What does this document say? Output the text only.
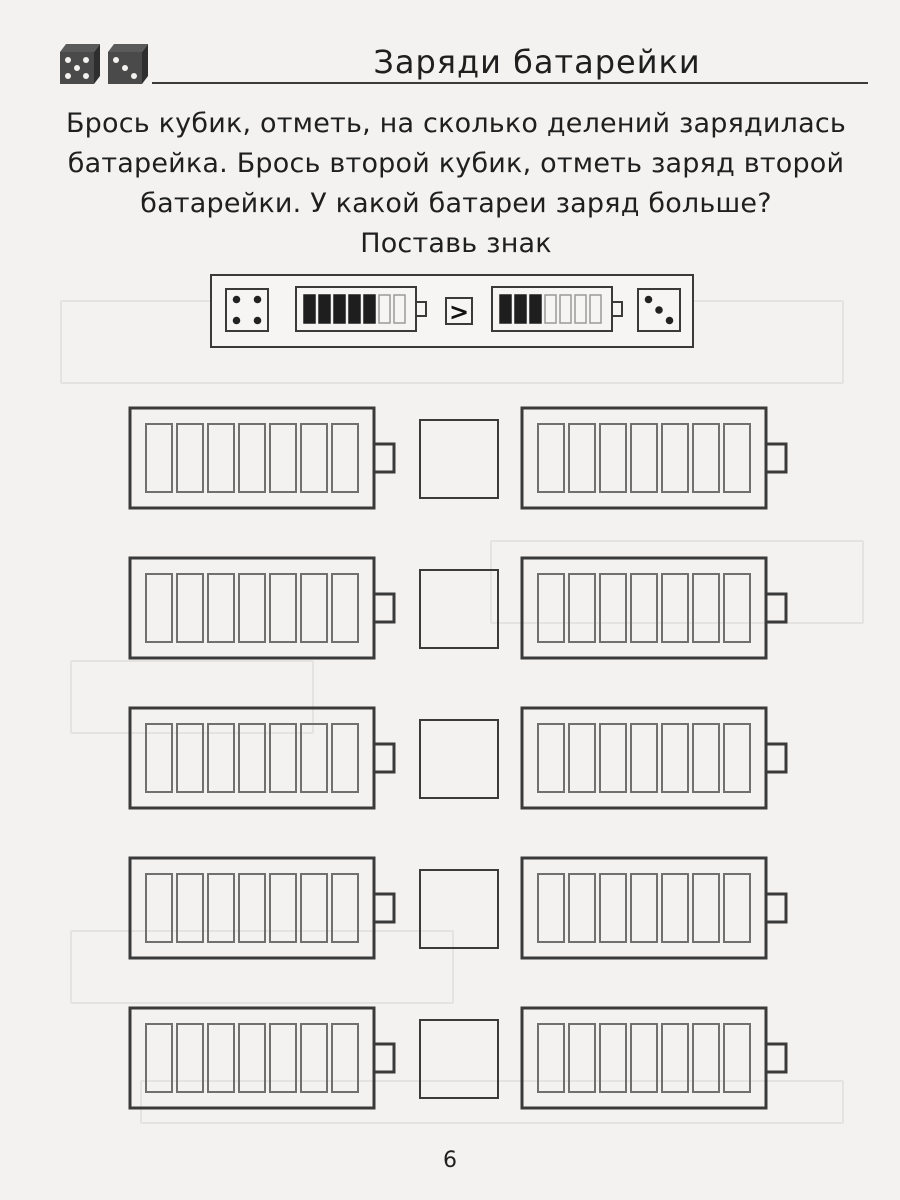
Заряди батарейки
Брось кубик, отметь, на сколько делений зарядилась
батарейка. Брось второй кубик, отметь заряд второй
батарейки. У какой батареи заряд больше?
Поставь знак
>
6
